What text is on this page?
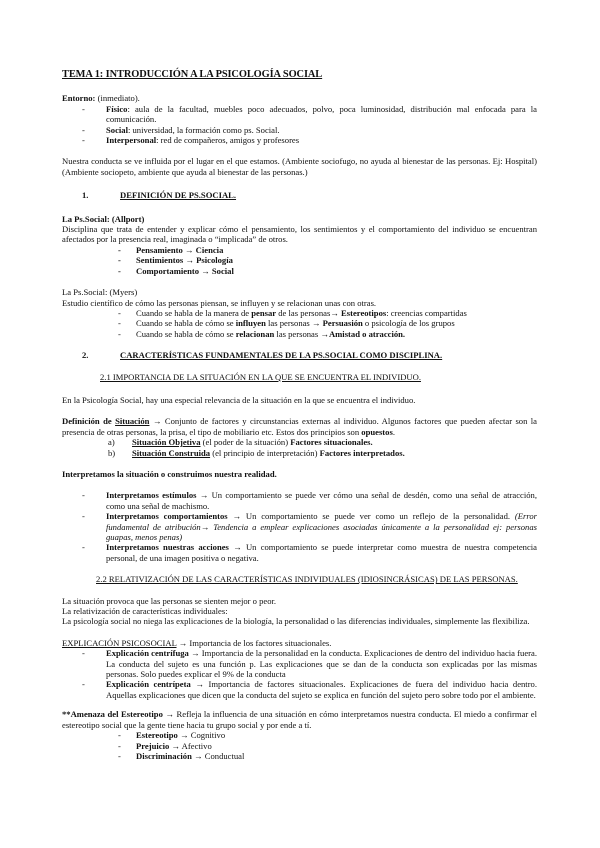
TEMA 1: INTRODUCCIÓN A LA PSICOLOGÍA SOCIAL
Entorno: (inmediato).
- Físico: aula de la facultad, muebles poco adecuados, polvo, poca luminosidad, distribución mal enfocada para la comunicación.
- Social: universidad, la formación como ps. Social.
- Interpersonal: red de compañeros, amigos y profesores
Nuestra conducta se ve influida por el lugar en el que estamos. (Ambiente sociofugo, no ayuda al bienestar de las personas. Ej: Hospital) (Ambiente sociopeto, ambiente que ayuda al bienestar de las personas.)
1.	DEFINICIÓN DE PS.SOCIAL.
La Ps.Social: (Allport)
Disciplina que trata de entender y explicar cómo el pensamiento, los sentimientos y el comportamiento del individuo se encuentran afectados por la presencia real, imaginada o “implicada” de otros.
- Pensamiento → Ciencia
- Sentimientos → Psicología
- Comportamiento → Social
La Ps.Social: (Myers)
Estudio científico de cómo las personas piensan, se influyen y se relacionan unas con otras.
- Cuando se habla de la manera de pensar de las personas→ Estereotipos: creencias compartidas
- Cuando se habla de cómo se influyen las personas → Persuasión o psicología de los grupos
- Cuando se habla de cómo se relacionan las personas →Amistad o atracción.
2.	CARACTERÍSTICAS FUNDAMENTALES DE LA PS.SOCIAL COMO DISCIPLINA.
2.1 IMPORTANCIA DE LA SITUACIÓN EN LA QUE SE ENCUENTRA EL INDIVIDUO.
En la Psicología Social, hay una especial relevancia de la situación en la que se encuentra el individuo.
Definición de Situación → Conjunto de factores y circunstancias externas al individuo. Algunos factores que pueden afectar son la presencia de otras personas, la prisa, el tipo de mobiliario etc. Estos dos principios son opuestos.
a) Situación Objetiva (el poder de la situación) Factores situacionales.
b) Situación Construida (el principio de interpretación) Factores interpretados.
Interpretamos la situación o construimos nuestra realidad.
- Interpretamos estímulos → Un comportamiento se puede ver cómo una señal de desdén, como una señal de atracción, como una señal de machismo.
- Interpretamos comportamientos → Un comportamiento se puede ver como un reflejo de la personalidad. (Error fundamental de atribución→ Tendencia a emplear explicaciones asociadas únicamente a la personalidad ej: personas guapas, menos penas)
- Interpretamos nuestras acciones → Un comportamiento se puede interpretar como muestra de nuestra competencia personal, de una imagen positiva o negativa.
2.2 RELATIVIZACIÓN DE LAS CARACTERÍSTICAS INDIVIDUALES (IDIOSINCRÁSICAS) DE LAS PERSONAS.
La situación provoca que las personas se sienten mejor o peor.
La relativización de características individuales:
La psicología social no niega las explicaciones de la biología, la personalidad o las diferencias individuales, simplemente las flexibiliza.
EXPLICACIÓN PSICOSOCIAL → Importancia de los factores situacionales.
- Explicación centrífuga → Importancia de la personalidad en la conducta. Explicaciones de dentro del individuo hacia fuera. La conducta del sujeto es una función p. Las explicaciones que se dan de la conducta son explicadas por las mismas personas. Solo puedes explicar el 9% de la conducta
- Explicación centrípeta → Importancia de factores situacionales. Explicaciones de fuera del individuo hacia dentro. Aquellas explicaciones que dicen que la conducta del sujeto se explica en función del sujeto pero sobre todo por el ambiente.
**Amenaza del Estereotipo → Refleja la influencia de una situación en cómo interpretamos nuestra conducta. El miedo a confirmar el estereotipo social que la gente tiene hacia tu grupo social y por ende a tí.
- Estereotipo → Cognitivo
- Prejuicio → Afectivo
- Discriminación → Conductual
